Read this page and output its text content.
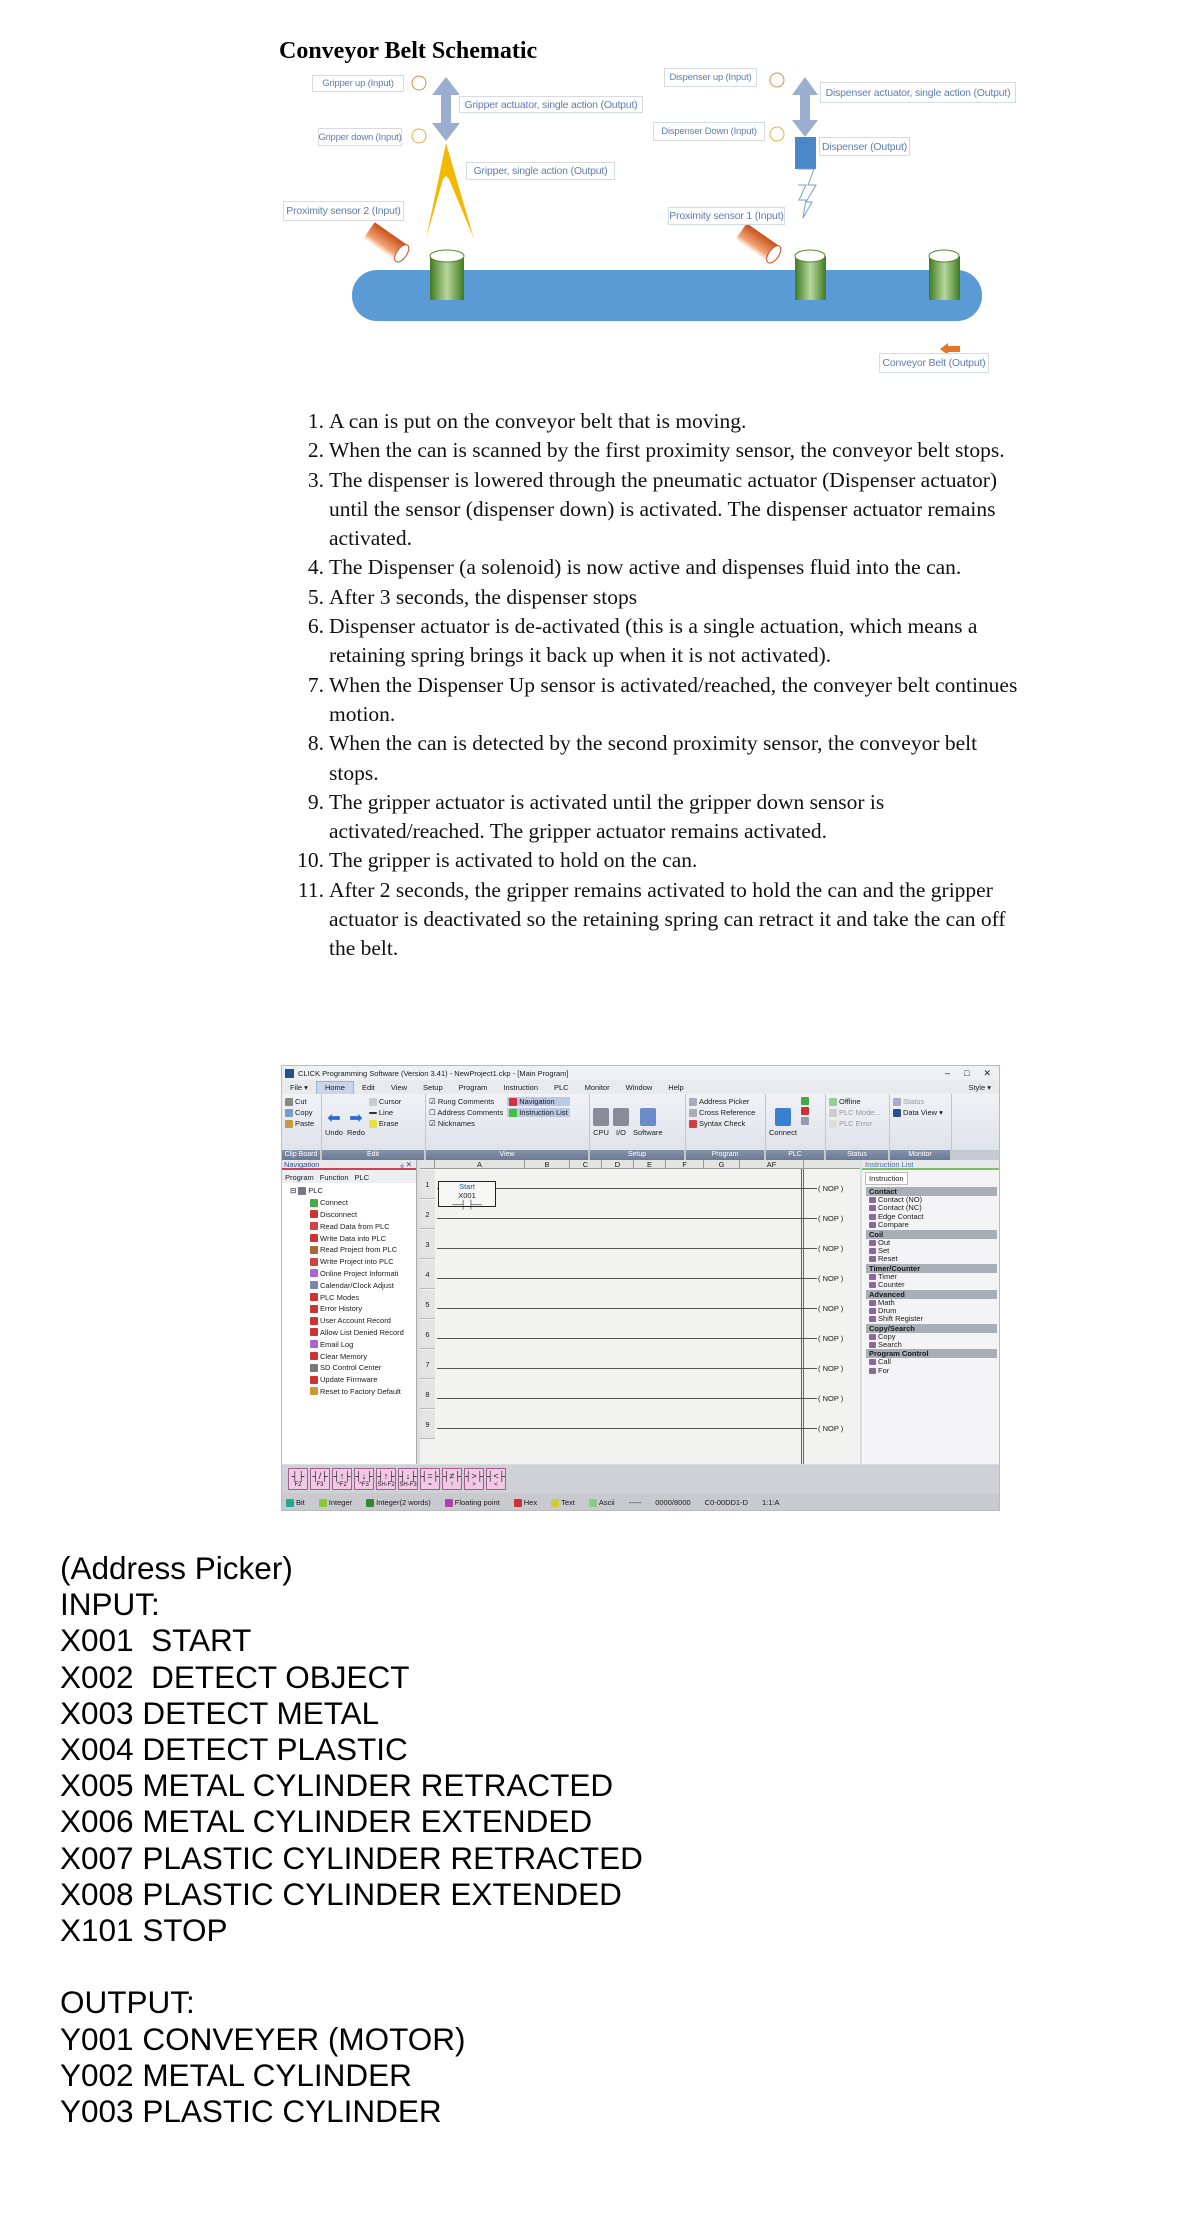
Conveyor Belt Schematic
Gripper up (Input)
Gripper actuator, single action (Output)
Gripper down (Input)
Gripper, single action (Output)
Proximity sensor 2 (Input)
Dispenser up (Input)
Dispenser actuator, single action (Output)
Dispenser Down (Input)
Dispenser (Output)
Proximity sensor 1 (Input)
Conveyor Belt (Output)
1. A can is put on the conveyor belt that is moving.
2. When the can is scanned by the first proximity sensor, the conveyor belt stops.
3. The dispenser is lowered through the pneumatic actuator (Dispenser actuator) until the sensor (dispenser down) is activated. The dispenser actuator remains activated.
4. The Dispenser (a solenoid) is now active and dispenses fluid into the can.
5. After 3 seconds, the dispenser stops
6. Dispenser actuator is de-activated (this is a single actuation, which means a retaining spring brings it back up when it is not activated).
7. When the Dispenser Up sensor is activated/reached, the conveyer belt continues motion.
8. When the can is detected by the second proximity sensor, the conveyor belt stops.
9. The gripper actuator is activated until the gripper down sensor is activated/reached. The gripper actuator remains activated.
10. The gripper is activated to hold on the can.
11. After 2 seconds, the gripper remains activated to hold the can and the gripper actuator is deactivated so the retaining spring can retract it and take the can off the belt.
CLICK Programming Software (Version 3.41) - NewProject1.ckp - [Main Program]	– □ ✕
File ▾	Home	Edit	View	Setup	Program	Instruction	PLC	Monitor	Window	Help	Style ▾
Cut
Copy
Paste ⬅
Undo
➡
Redo
Cursor
Line
Erase
☑ Rung Comments
☐ Address Comments
☑ Nicknames
Navigation
Instruction List
CPU I/O Software
Address Picker
Cross Reference
Syntax Check
Connect
Offline
PLC Mode...
PLC Error
Status
Data View ▾
Clip Board	Edit	View	Setup	Program	PLC	Status	Monitor
Navigation	ᵩ ✕
Program Function PLC
⊟ PLC
Connect
Disconnect
Read Data from PLC
Write Data into PLC
Read Project from PLC
Write Project into PLC
Online Project Informati
Calendar/Clock Adjust
PLC Modes
Error History
User Account Record
Allow List Denied Record
Email Log
Clear Memory
SD Control Center
Update Firmware
Reset to Factory Default
A	B	C	D	E	F	G	AF
1	( NOP )
Start
X001
—┤ ├—
2	( NOP )
3	( NOP )
4	( NOP )
5	( NOP )
6	( NOP )
7	( NOP )
8	( NOP )
9	( NOP )
Instruction List
Instruction
Contact
Contact (NO)
Contact (NC)
Edge Contact
Compare
Coil
Out
Set
Reset
Timer/Counter
Timer
Counter
Advanced
Math
Drum
Shift Register
Copy/Search
Copy
Search
Program Control
Call
For
┤├
F2
┤/├
F3
┤↑├
^F2
┤↓├
^F3
┤↑├
SH-F2
┤↓├
SH-F3
┤=├
=
┤≠├
!
┤>├
>
┤<├
<
Bit	Integer	Integer(2 words)	Floating point	Hex	Text	Ascii ----- 0000/8000 C0-00DD1-D 1:1:A
(Address Picker)
INPUT:
X001  START
X002  DETECT OBJECT
X003 DETECT METAL
X004 DETECT PLASTIC
X005 METAL CYLINDER RETRACTED
X006 METAL CYLINDER EXTENDED
X007 PLASTIC CYLINDER RETRACTED
X008 PLASTIC CYLINDER EXTENDED
X101 STOP

OUTPUT:
Y001 CONVEYER (MOTOR)
Y002 METAL CYLINDER
Y003 PLASTIC CYLINDER
